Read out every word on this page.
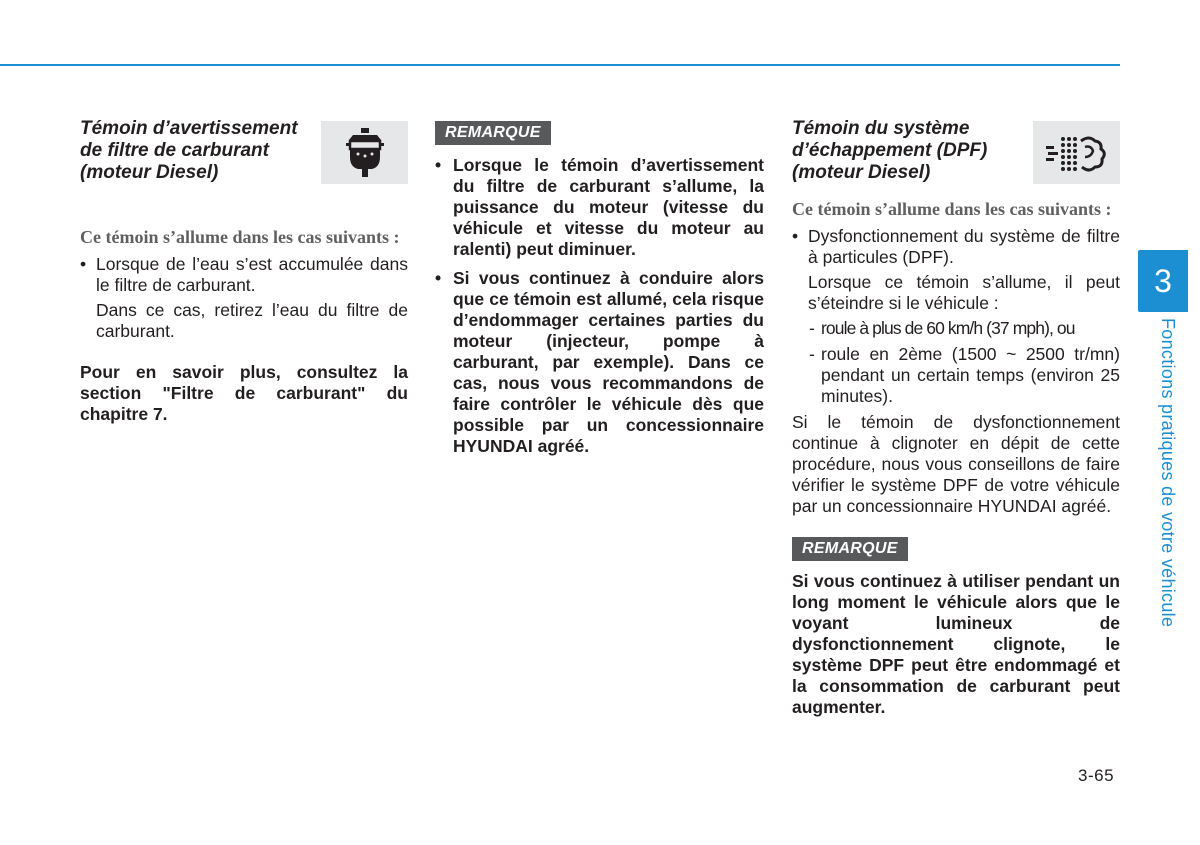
Témoin d’avertissement de filtre de carburant (moteur Diesel)

Ce témoin s’allume dans les cas suivants :

• Lorsque de l’eau s’est accumulée dans le filtre de carburant.

Dans ce cas, retirez l’eau du filtre de carburant.

Pour en savoir plus, consultez la section "Filtre de carburant" du chapitre 7.

REMARQUE

• Lorsque le témoin d’avertissement du filtre de carburant s’allume, la puissance du moteur (vitesse du véhicule et vitesse du moteur au ralenti) peut diminuer.

• Si vous continuez à conduire alors que ce témoin est allumé, cela risque d’endommager certaines parties du moteur (injecteur, pompe à carburant, par exemple). Dans ce cas, nous vous recommandons de faire contrôler le véhicule dès que possible par un concessionnaire HYUNDAI agréé.

Témoin du système d’échappement (DPF) (moteur Diesel)

Ce témoin s’allume dans les cas suivants :

• Dysfonctionnement du système de filtre à particules (DPF).

Lorsque ce témoin s’allume, il peut s’éteindre si le véhicule :

- roule à plus de 60 km/h (37 mph), ou

- roule en 2ème (1500 ~ 2500 tr/mn) pendant un certain temps (environ 25 minutes).

Si le témoin de dysfonctionnement continue à clignoter en dépit de cette procédure, nous vous conseillons de faire vérifier le système DPF de votre véhicule par un concessionnaire HYUNDAI agréé.

REMARQUE

Si vous continuez à utiliser pendant un long moment le véhicule alors que le voyant lumineux de dysfonctionnement clignote, le système DPF peut être endommagé et la consommation de carburant peut augmenter.

3
Fonctions pratiques de votre véhicule
3-65
